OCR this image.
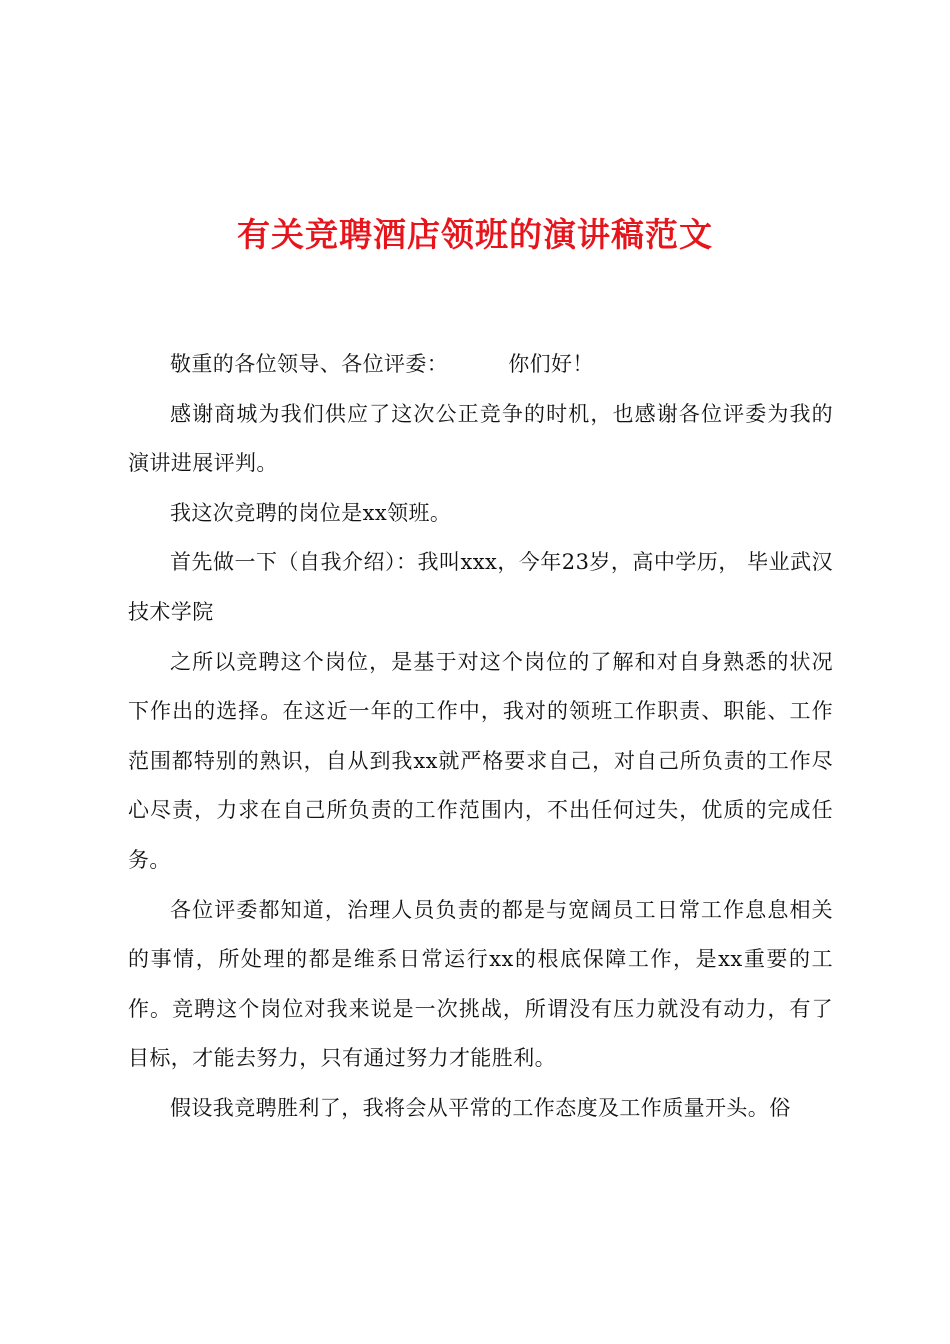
有关竞聘酒店领班的演讲稿范文

敬重的各位领导、各位评委：	你们好！

感谢商城为我们供应了这次公正竞争的时机，也感谢各位评委为我的演讲进展评判。

我这次竞聘的岗位是xx领班。

首先做一下（自我介绍）：我叫xxx，今年23岁，高中学历， 毕业武汉技术学院

之所以竞聘这个岗位，是基于对这个岗位的了解和对自身熟悉的状况下作出的选择。在这近一年的工作中，我对的领班工作职责、职能、工作范围都特别的熟识，自从到我xx就严格要求自己，对自己所负责的工作尽心尽责，力求在自己所负责的工作范围内，不出任何过失，优质的完成任务。

各位评委都知道，治理人员负责的都是与宽阔员工日常工作息息相关的事情，所处理的都是维系日常运行xx的根底保障工作，是xx重要的工作。竞聘这个岗位对我来说是一次挑战，所谓没有压力就没有动力，有了目标，才能去努力，只有通过努力才能胜利。

假设我竞聘胜利了，我将会从平常的工作态度及工作质量开头。俗
